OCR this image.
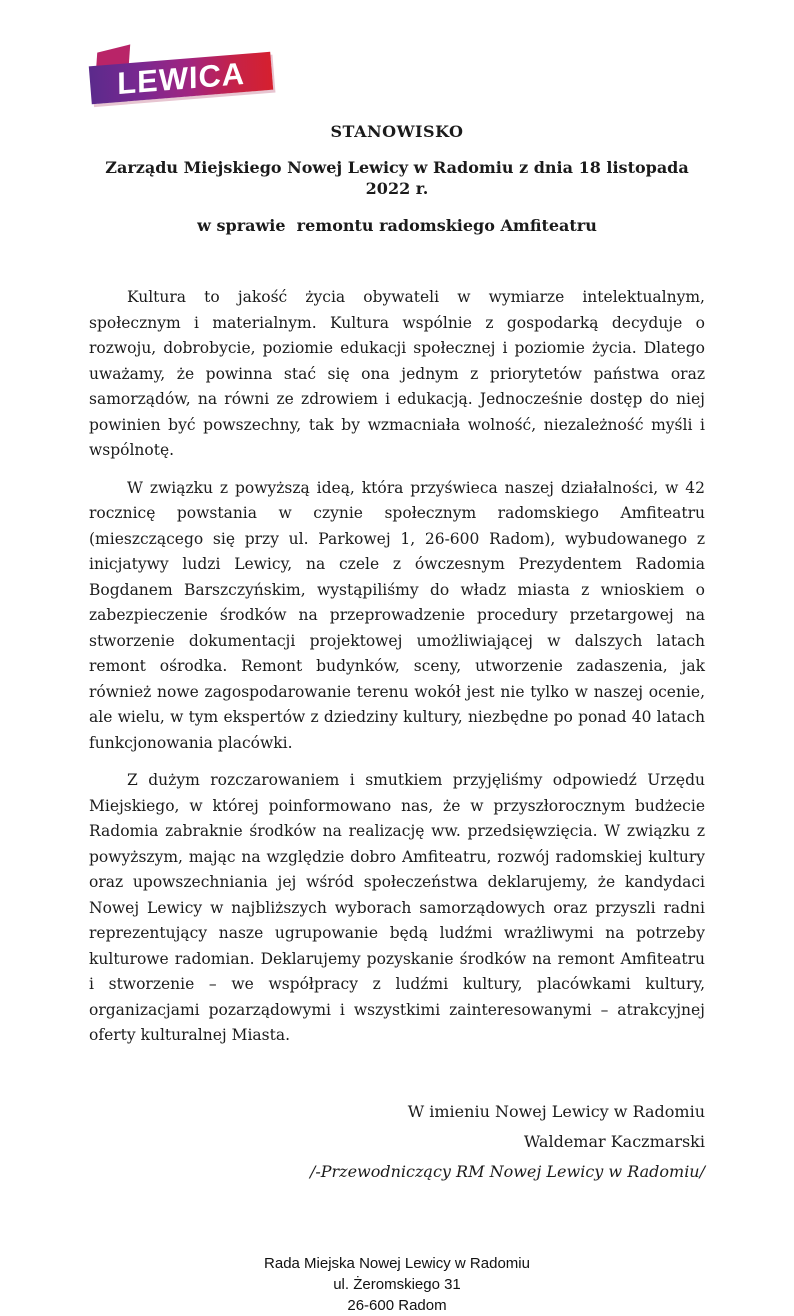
LEWICA
STANOWISKO
Zarządu Miejskiego Nowej Lewicy w Radomiu z dnia 18 listopada 2022 r.
w sprawie  remontu radomskiego Amfiteatru

Kultura to jakość życia obywateli w wymiarze intelektualnym, społecznym i materialnym. Kultura wspólnie z gospodarką decyduje o rozwoju, dobrobycie, poziomie edukacji społecznej i poziomie życia. Dlatego uważamy, że powinna stać się ona jednym z priorytetów państwa oraz samorządów, na równi ze zdrowiem i edukacją. Jednocześnie dostęp do niej powinien być powszechny, tak by wzmacniała wolność, niezależność myśli i wspólnotę.

W związku z powyższą ideą, która przyświeca naszej działalności, w 42 rocznicę powstania w czynie społecznym radomskiego Amfiteatru (mieszczącego się przy ul. Parkowej 1, 26-600 Radom), wybudowanego z inicjatywy ludzi Lewicy, na czele z ówczesnym Prezydentem Radomia Bogdanem Barszczyńskim, wystąpiliśmy do władz miasta z wnioskiem o zabezpieczenie środków na przeprowadzenie procedury przetargowej na stworzenie dokumentacji projektowej umożliwiającej w dalszych latach remont ośrodka. Remont budynków, sceny, utworzenie zadaszenia, jak również nowe zagospodarowanie terenu wokół jest nie tylko w naszej ocenie, ale wielu, w tym ekspertów z dziedziny kultury, niezbędne po ponad 40 latach funkcjonowania placówki.

Z dużym rozczarowaniem i smutkiem przyjęliśmy odpowiedź Urzędu Miejskiego, w której poinformowano nas, że w przyszłorocznym budżecie Radomia zabraknie środków na realizację ww. przedsięwzięcia. W związku z powyższym, mając na względzie dobro Amfiteatru, rozwój radomskiej kultury oraz upowszechniania jej wśród społeczeństwa deklarujemy, że kandydaci Nowej Lewicy w najbliższych wyborach samorządowych oraz przyszli radni reprezentujący nasze ugrupowanie będą ludźmi wrażliwymi na potrzeby kulturowe radomian. Deklarujemy pozyskanie środków na remont Amfiteatru i stworzenie – we współpracy z ludźmi kultury, placówkami kultury, organizacjami pozarządowymi i wszystkimi zainteresowanymi – atrakcyjnej oferty kulturalnej Miasta.

W imieniu Nowej Lewicy w Radomiu
Waldemar Kaczmarski
/-Przewodniczący RM Nowej Lewicy w Radomiu/
Rada Miejska Nowej Lewicy w Radomiu
ul. Żeromskiego 31
26-600 Radom
